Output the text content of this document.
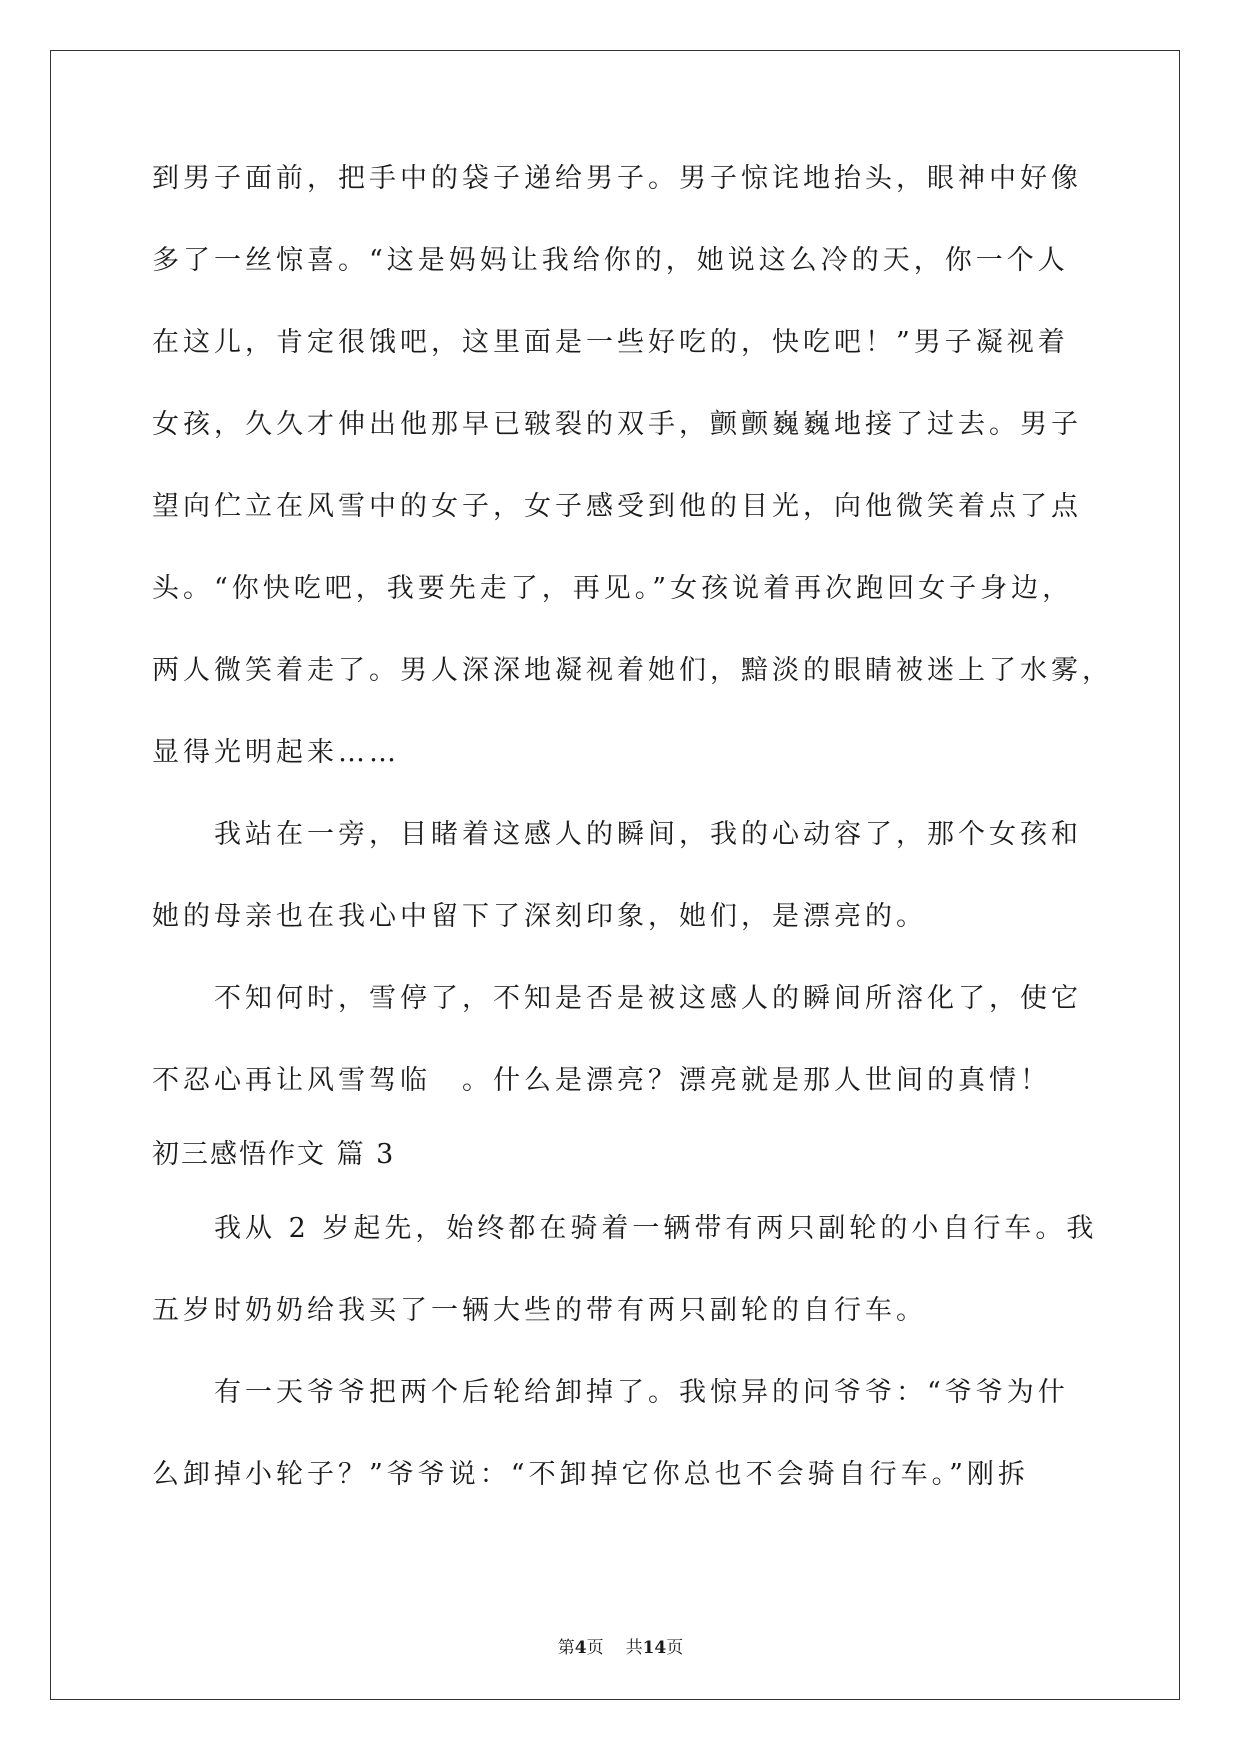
到男子面前，把手中的袋子递给男子。男子惊诧地抬头，眼神中好像
多了一丝惊喜。“这是妈妈让我给你的，她说这么冷的天，你一个人
在这儿，肯定很饿吧，这里面是一些好吃的，快吃吧！”男子凝视着
女孩，久久才伸出他那早已皲裂的双手，颤颤巍巍地接了过去。男子
望向伫立在风雪中的女子，女子感受到他的目光，向他微笑着点了点
头。“你快吃吧，我要先走了，再见。”女孩说着再次跑回女子身边，
两人微笑着走了。男人深深地凝视着她们，黯淡的眼睛被迷上了水雾，
显得光明起来……
我站在一旁，目睹着这感人的瞬间，我的心动容了，那个女孩和
她的母亲也在我心中留下了深刻印象，她们，是漂亮的。
不知何时，雪停了，不知是否是被这感人的瞬间所溶化了，使它
不忍心再让风雪驾临　。什么是漂亮？漂亮就是那人世间的真情！
初三感悟作文 篇 3
我从 2 岁起先，始终都在骑着一辆带有两只副轮的小自行车。我
五岁时奶奶给我买了一辆大些的带有两只副轮的自行车。
有一天爷爷把两个后轮给卸掉了。我惊异的问爷爷：“爷爷为什
么卸掉小轮子？”爷爷说：“不卸掉它你总也不会骑自行车。”刚拆
第4页 共14页
